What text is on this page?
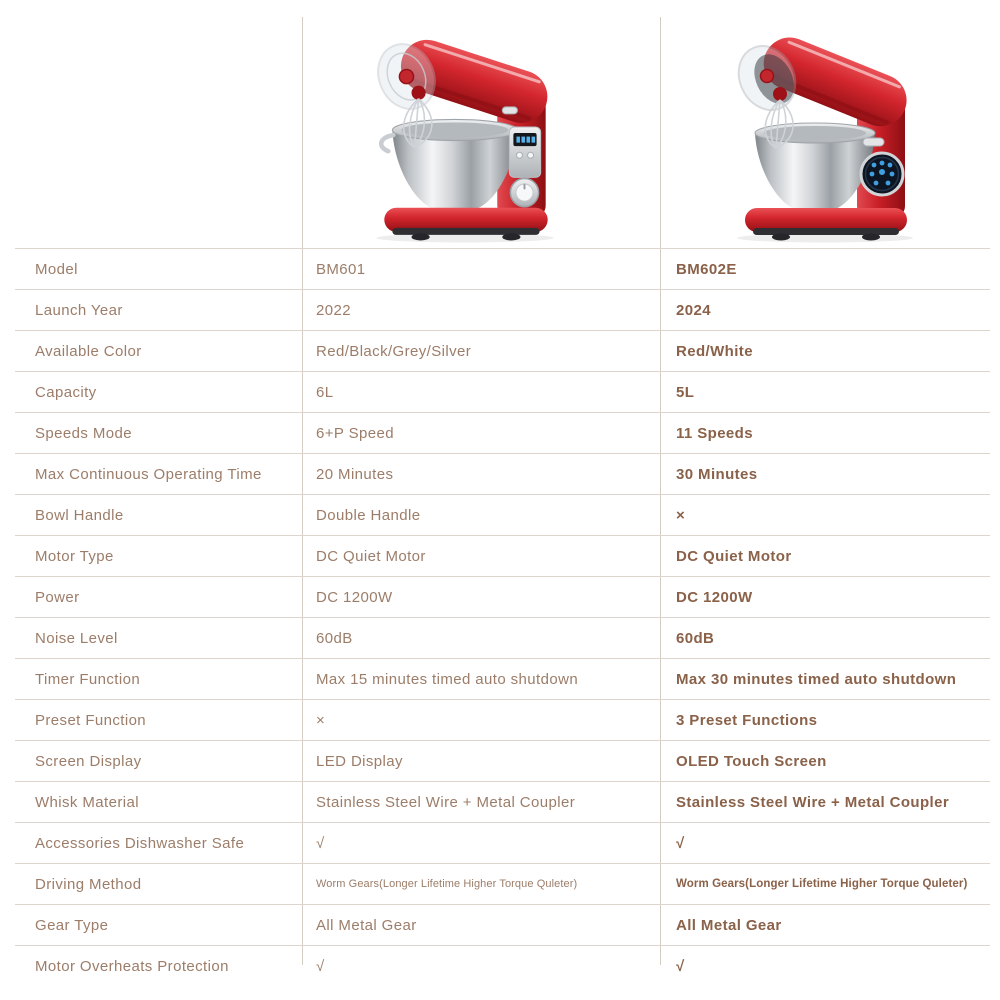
Model	BM601	BM602E
Launch Year	2022	2024
Available Color	Red/Black/Grey/Silver	Red/White
Capacity	6L	5L
Speeds Mode	6+P Speed	11 Speeds
Max Continuous Operating Time	20 Minutes	30 Minutes
Bowl Handle	Double Handle	×
Motor Type	DC Quiet Motor	DC Quiet Motor
Power	DC 1200W	DC 1200W
Noise Level	60dB	60dB
Timer Function	Max 15 minutes timed auto shutdown	Max 30 minutes timed auto shutdown
Preset Function	×	3 Preset Functions
Screen Display	LED Display	OLED Touch Screen
Whisk Material	Stainless Steel Wire + Metal Coupler	Stainless Steel Wire + Metal Coupler
Accessories Dishwasher Safe	√	√
Driving Method	Worm Gears(Longer Lifetime Higher Torque Quleter)	Worm Gears(Longer Lifetime Higher Torque Quleter)
Gear Type	All Metal Gear	All Metal Gear
Motor Overheats Protection	√	√
